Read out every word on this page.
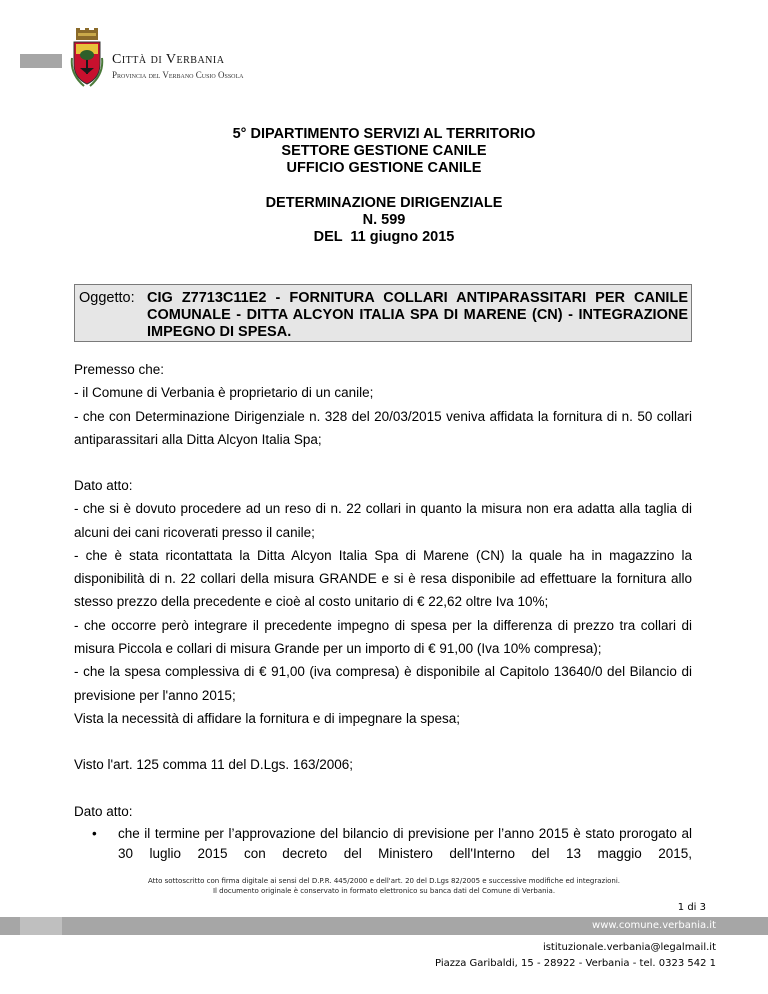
Città di Verbania
Provincia del Verbano Cusio Ossola
5° DIPARTIMENTO SERVIZI AL TERRITORIO
SETTORE GESTIONE CANILE
UFFICIO GESTIONE CANILE
DETERMINAZIONE DIRIGENZIALE
N. 599
DEL  11 giugno 2015
Oggetto: CIG Z7713C11E2 - FORNITURA COLLARI ANTIPARASSITARI PER CANILE COMUNALE - DITTA ALCYON ITALIA SPA DI MARENE (CN) - INTEGRAZIONE IMPEGNO DI SPESA.

Premesso che:

- il Comune di Verbania è proprietario di un canile;

- che con Determinazione Dirigenziale n. 328 del 20/03/2015 veniva affidata la fornitura di n. 50 collari antiparassitari alla Ditta Alcyon Italia Spa;

Dato atto:

- che si è dovuto procedere ad un reso di n. 22 collari in quanto la misura non era adatta alla taglia di alcuni dei cani ricoverati presso il canile;

- che è stata ricontattata la Ditta Alcyon Italia Spa di Marene (CN) la quale ha in magazzino la disponibilità di n. 22 collari della misura GRANDE e si è resa disponibile ad effettuare la fornitura allo stesso prezzo della precedente e cioè al costo unitario di € 22,62 oltre Iva 10%;

- che occorre però integrare il precedente impegno di spesa per la differenza di prezzo tra collari di misura Piccola e collari di misura Grande per un importo di € 91,00 (Iva 10% compresa);

- che la spesa complessiva di € 91,00 (iva compresa) è disponibile al Capitolo 13640/0 del Bilancio di previsione per l'anno 2015;

Vista la necessità di affidare la fornitura e di impegnare la spesa;

Visto l'art. 125 comma 11 del D.Lgs. 163/2006;

Dato atto:

• che il termine per l’approvazione del bilancio di previsione per l’anno 2015 è stato prorogato al 30 luglio 2015 con decreto del Ministero dell'Interno del 13 maggio 2015,
Atto sottoscritto con firma digitale ai sensi del D.P.R. 445/2000 e dell'art. 20 del D.Lgs 82/2005 e successive modifiche ed integrazioni.
Il documento originale è conservato in formato elettronico su banca dati del Comune di Verbania.
1 di 3
www.comune.verbania.it
istituzionale.verbania@legalmail.it
Piazza Garibaldi, 15 - 28922 - Verbania - tel. 0323 542 1
